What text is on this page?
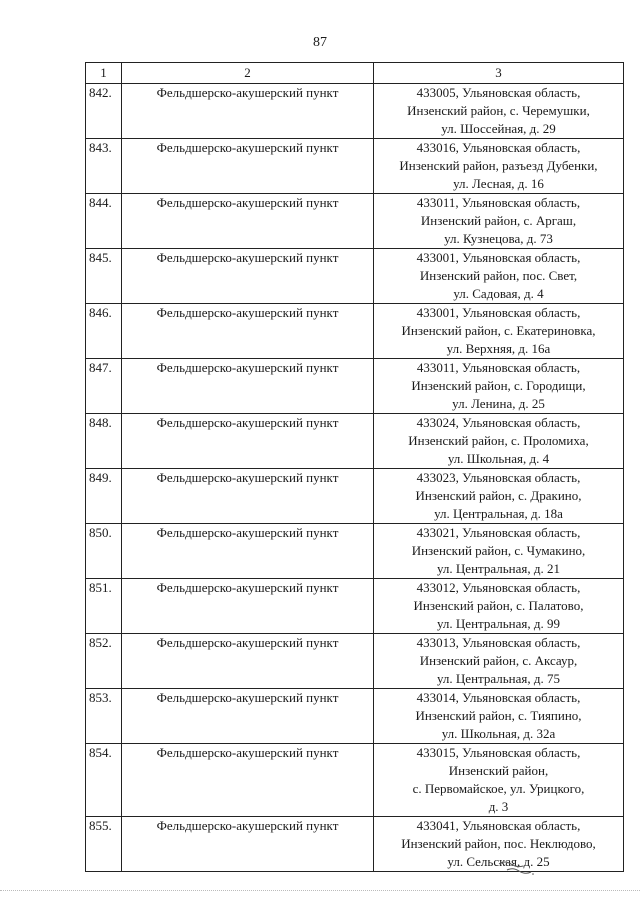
87
1	2	3
842.	Фельдшерско-акушерский пункт	433005, Ульяновская область,
Инзенский район, с. Черемушки,
ул. Шоссейная, д. 29

843.	Фельдшерско-акушерский пункт	433016, Ульяновская область,
Инзенский район, разъезд Дубенки,
ул. Лесная, д. 16

844.	Фельдшерско-акушерский пункт	433011, Ульяновская область,
Инзенский район, с. Аргаш,
ул. Кузнецова, д. 73

845.	Фельдшерско-акушерский пункт	433001, Ульяновская область,
Инзенский район, пос. Свет,
ул. Садовая, д. 4

846.	Фельдшерско-акушерский пункт	433001, Ульяновская область,
Инзенский район, с. Екатериновка,
ул. Верхняя, д. 16а

847.	Фельдшерско-акушерский пункт	433011, Ульяновская область,
Инзенский район, с. Городищи,
ул. Ленина, д. 25

848.	Фельдшерско-акушерский пункт	433024, Ульяновская область,
Инзенский район, с. Проломиха,
ул. Школьная, д. 4

849.	Фельдшерско-акушерский пункт	433023, Ульяновская область,
Инзенский район, с. Дракино,
ул. Центральная, д. 18а

850.	Фельдшерско-акушерский пункт	433021, Ульяновская область,
Инзенский район, с. Чумакино,
ул. Центральная, д. 21

851.	Фельдшерско-акушерский пункт	433012, Ульяновская область,
Инзенский район, с. Палатово,
ул. Центральная, д. 99

852.	Фельдшерско-акушерский пункт	433013, Ульяновская область,
Инзенский район, с. Аксаур,
ул. Центральная, д. 75

853.	Фельдшерско-акушерский пункт	433014, Ульяновская область,
Инзенский район, с. Тияпино,
ул. Школьная, д. 32а

854.	Фельдшерско-акушерский пункт	433015, Ульяновская область,
Инзенский район,
с. Первомайское, ул. Урицкого,
д. 3

855.	Фельдшерско-акушерский пункт	433041, Ульяновская область,
Инзенский район, пос. Неклюдово,
ул. Сельская, д. 25
